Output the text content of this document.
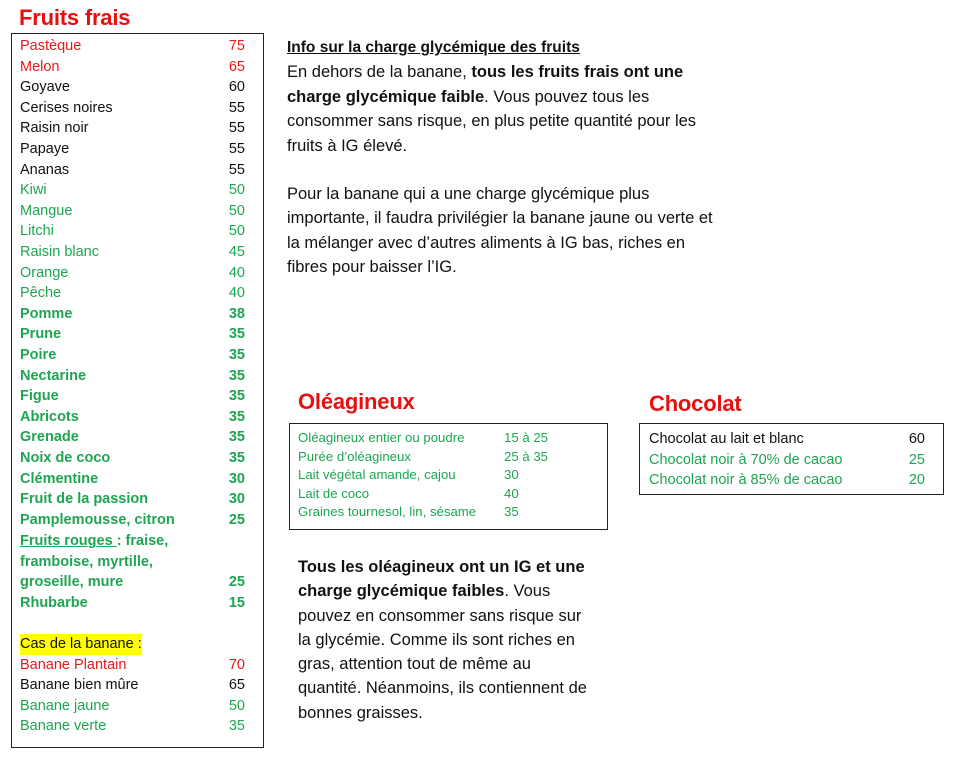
Fruits frais
Pastèque	75
Melon	65
Goyave	60
Cerises noires	55
Raisin noir	55
Papaye	55
Ananas	55
Kiwi	50
Mangue	50
Litchi	50
Raisin blanc	45
Orange	40
Pêche	40
Pomme	38
Prune	35
Poire	35
Nectarine	35
Figue	35
Abricots	35
Grenade	35
Noix de coco	35
Clémentine	30
Fruit de la passion	30
Pamplemousse, citron	25
Fruits rouges : fraise,
framboise, myrtille,
groseille, mure	25
Rhubarbe	15
Cas de la banane :
Banane Plantain	70
Banane bien mûre	65
Banane jaune	50
Banane verte	35
Info sur la charge glycémique des fruits
En dehors de la banane, tous les fruits frais ont une charge glycémique faible. Vous pouvez tous les consommer sans risque, en plus petite quantité pour les fruits à IG élevé.
Pour la banane qui a une charge glycémique plus importante, il faudra privilégier la banane jaune ou verte et la mélanger avec d’autres aliments à IG bas, riches en fibres pour baisser l’IG.
Oléagineux
Oléagineux entier ou poudre	15 à 25
Purée d’oléagineux	25 à 35
Lait végétal amande, cajou	30
Lait de coco	40
Graines tournesol, lin, sésame 35
Tous les oléagineux ont un IG et une charge glycémique faibles. Vous pouvez en consommer sans risque sur la glycémie. Comme ils sont riches en gras, attention tout de même au quantité. Néanmoins, ils contiennent de bonnes graisses.
Chocolat
Chocolat au lait et blanc	60
Chocolat noir à 70% de cacao	25
Chocolat noir à 85% de cacao	20
